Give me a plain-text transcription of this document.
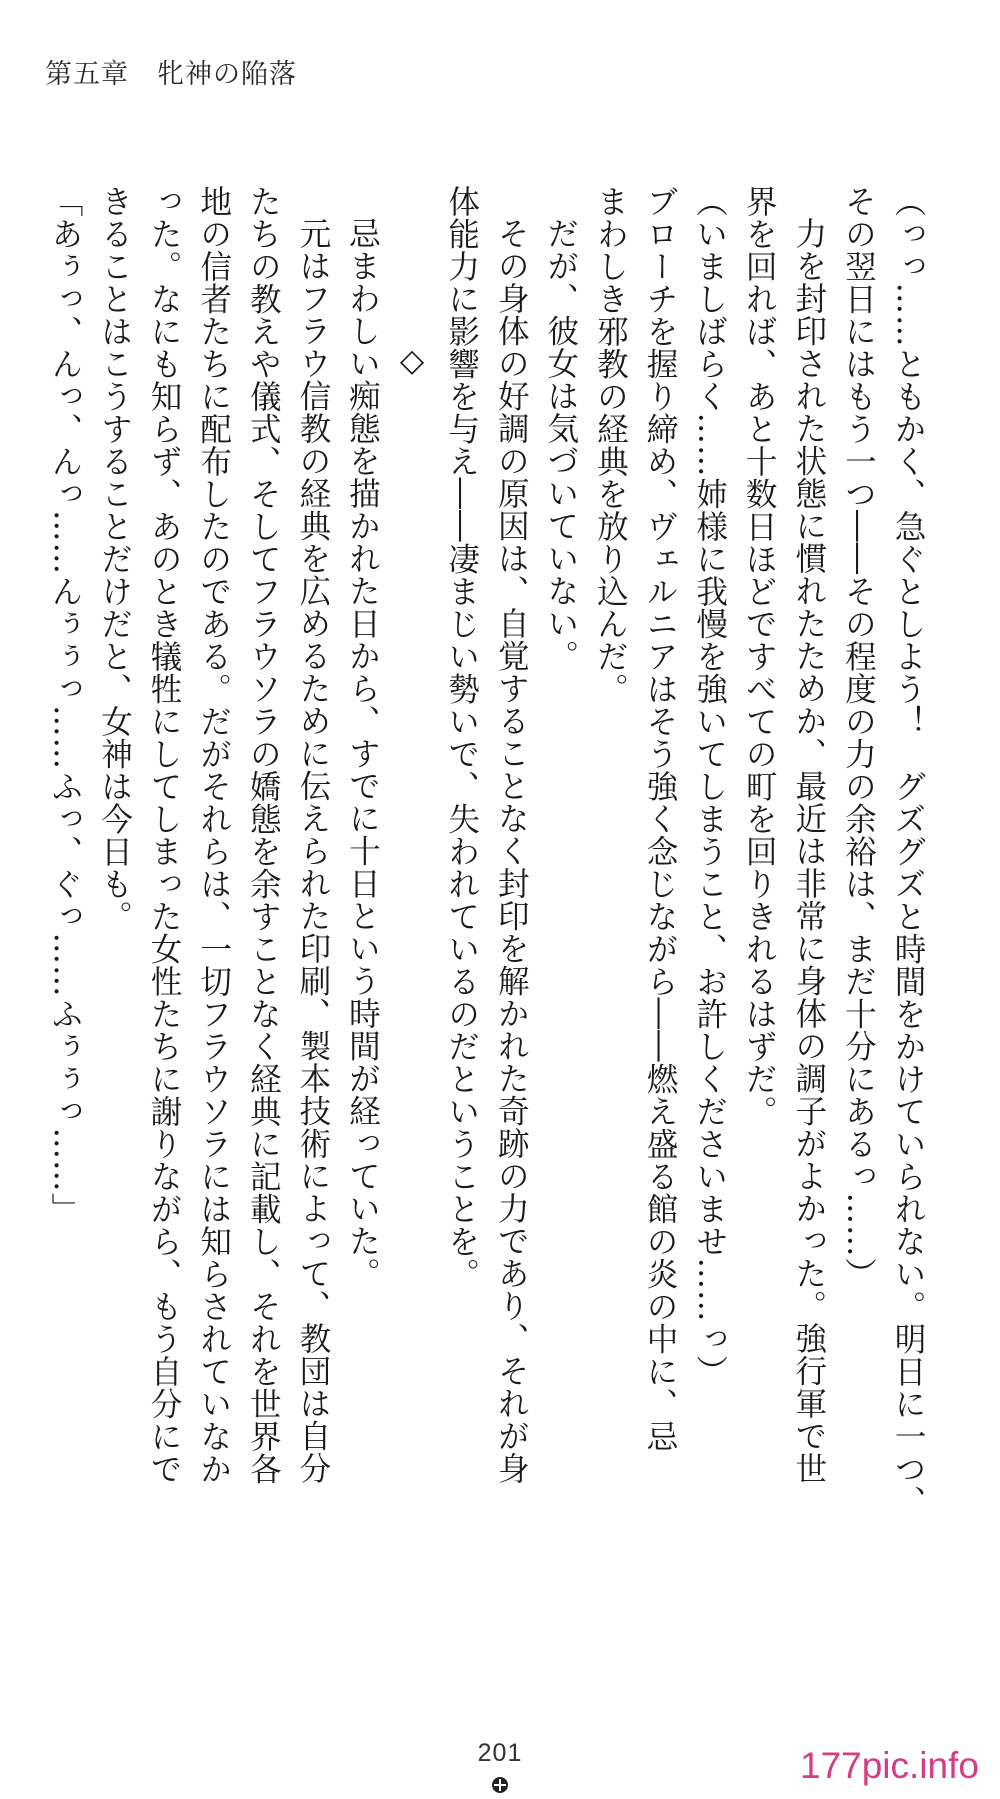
第五章　牝神の陥落

（っっ……ともかく、急ぐとしよう！　グズグズと時間をかけていられない。明日に一つ、

その翌日にはもう一つ――その程度の力の余裕は、まだ十分にあるっ……）

力を封印された状態に慣れたためか、最近は非常に身体の調子がよかった。強行軍で世

界を回れば、あと十数日ほどですべての町を回りきれるはずだ。

（いましばらく……姉様に我慢を強いてしまうこと、お許しくださいませ……っ）

ブローチを握り締め、ヴェルニアはそう強く念じながら――燃え盛る館の炎の中に、忌

まわしき邪教の経典を放り込んだ。

だが、彼女は気づいていない。

その身体の好調の原因は、自覚することなく封印を解かれた奇跡の力であり、それが身

体能力に影響を与え――凄まじい勢いで、失われているのだということを。

◇

忌まわしい痴態を描かれた日から、すでに十日という時間が経っていた。

元はフラウ信教の経典を広めるために伝えられた印刷、製本技術によって、教団は自分

たちの教えや儀式、そしてフラウソラの嬌態を余すことなく経典に記載し、それを世界各

地の信者たちに配布したのである。だがそれらは、一切フラウソラには知らされていなか

った。なにも知らず、あのとき犠牲にしてしまった女性たちに謝りながら、もう自分にで

きることはこうすることだけだと、女神は今日も。

「あぅっ、んっ、んっ……んぅぅっ……ふっ、ぐっ……ふぅぅっ……」

201	177pic.info
